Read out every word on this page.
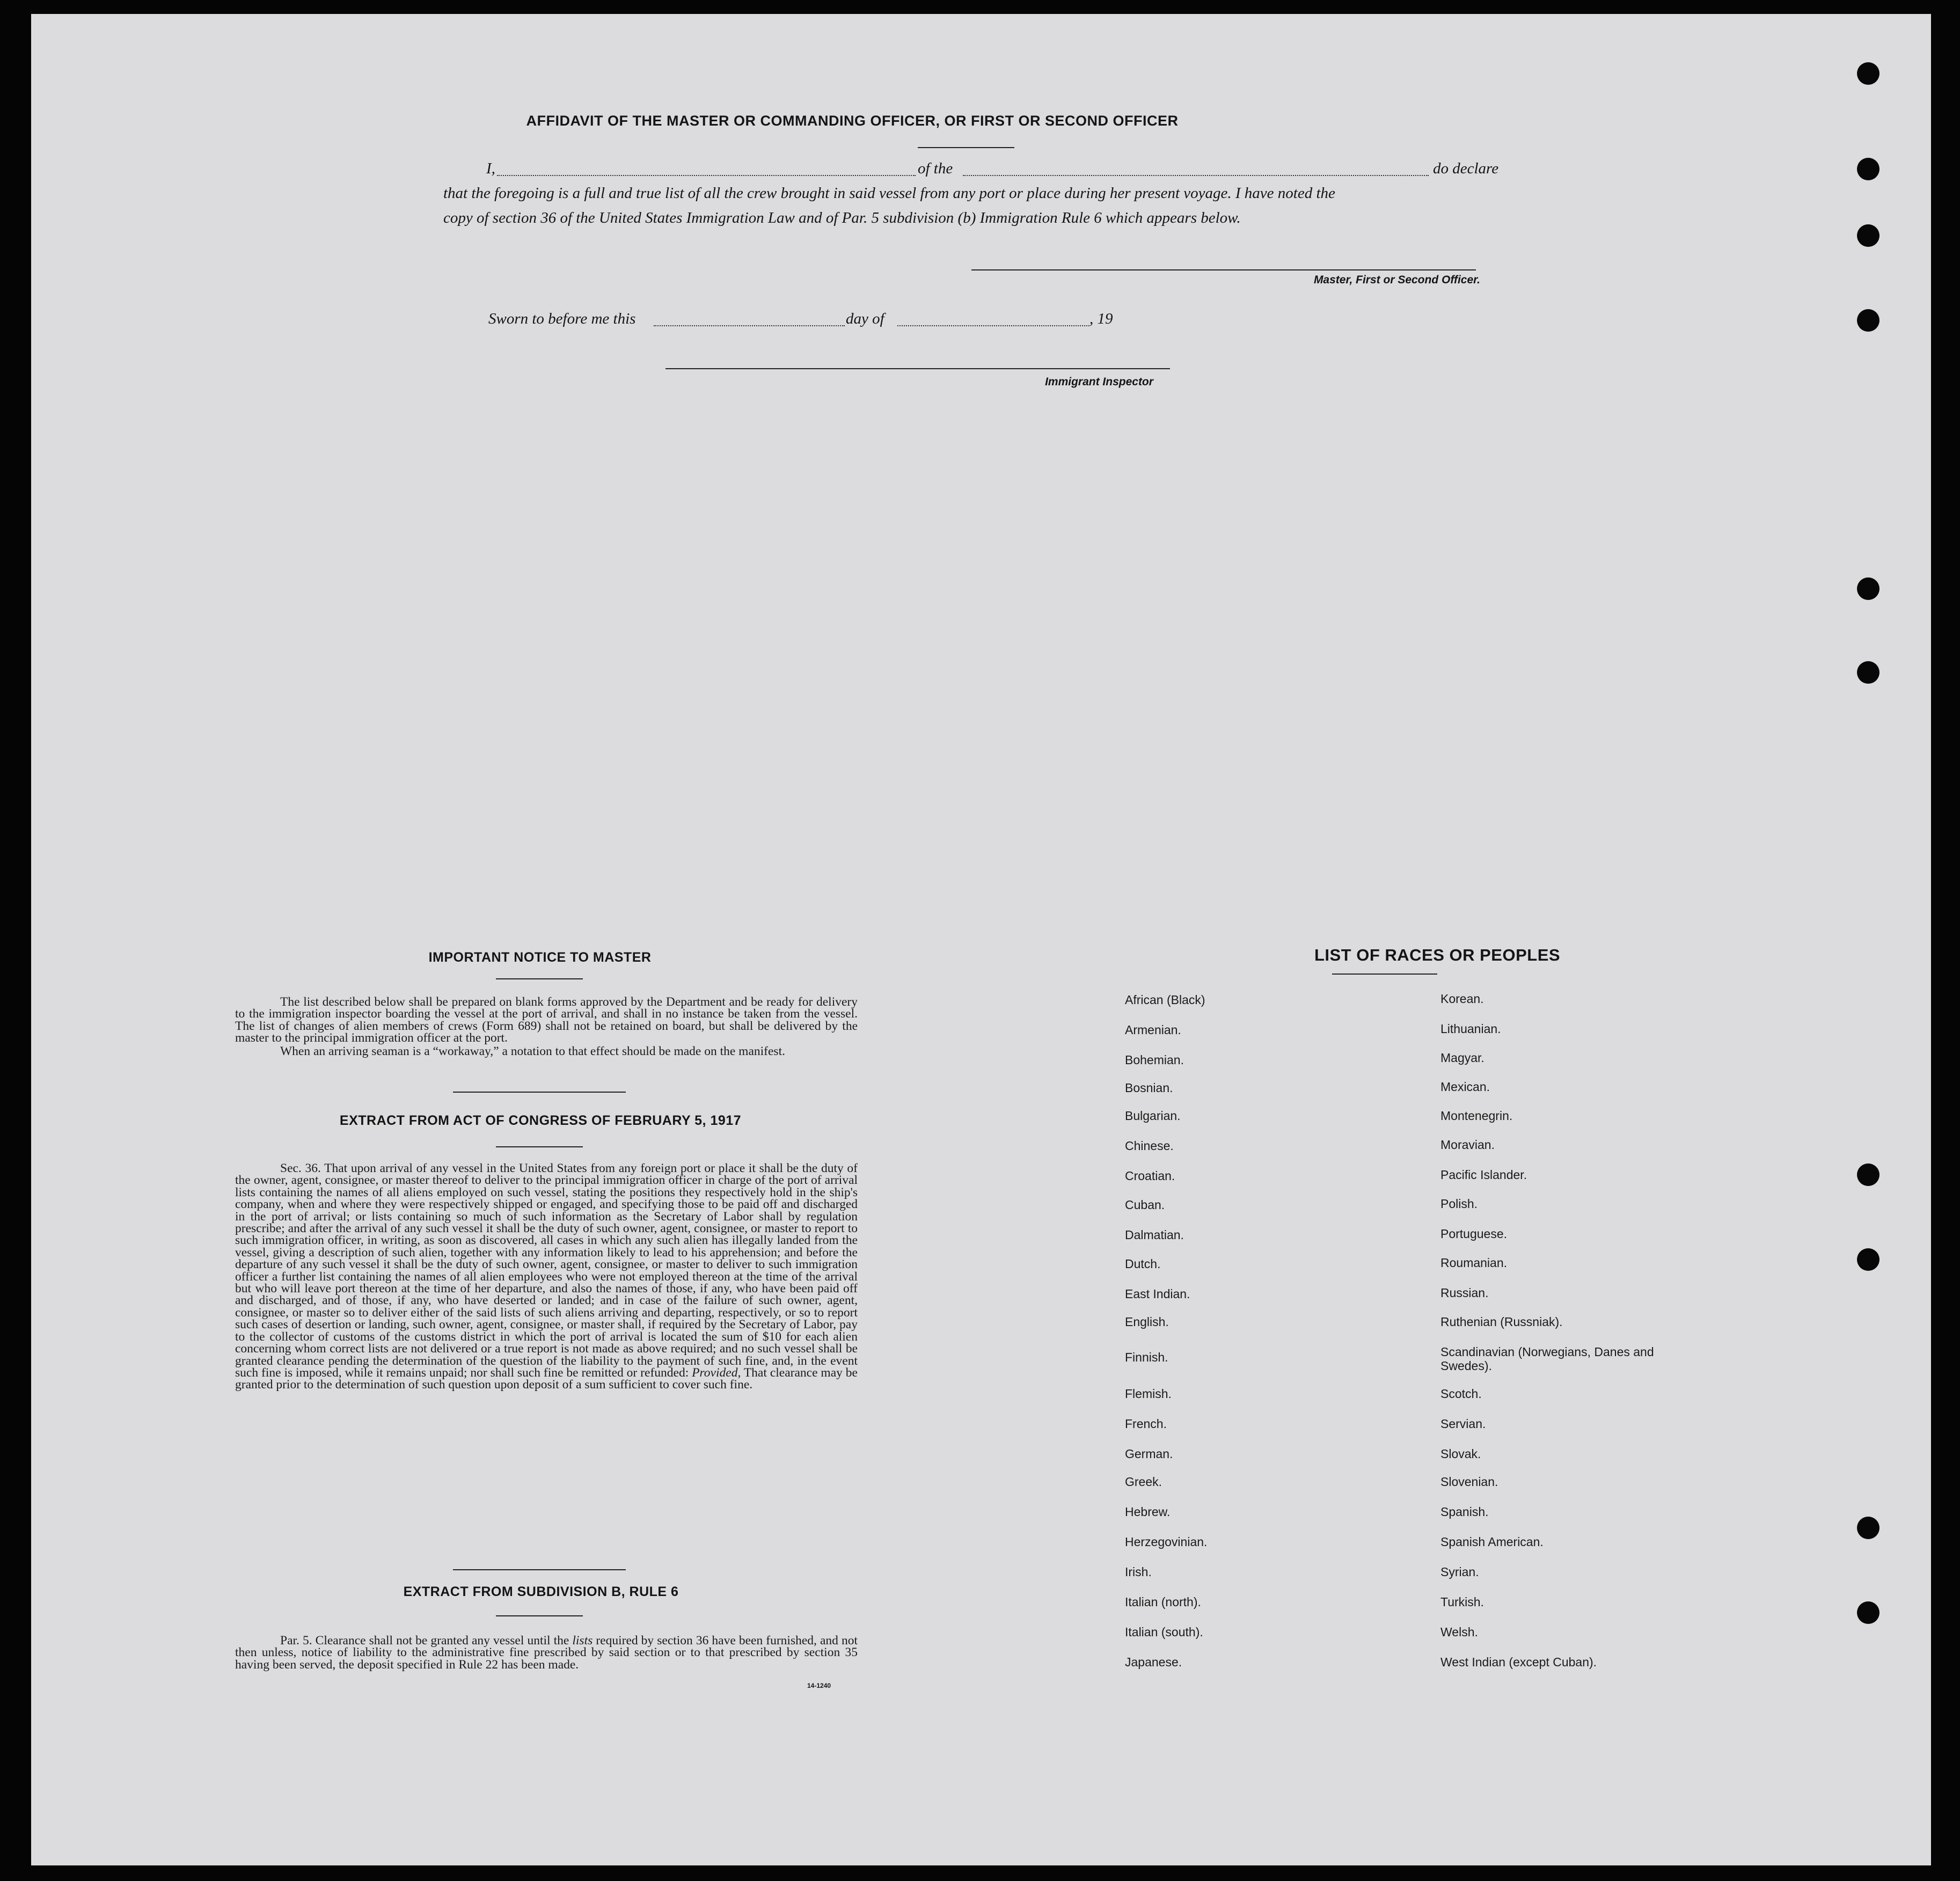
AFFIDAVIT OF THE MASTER OR COMMANDING OFFICER, OR FIRST OR SECOND OFFICER
I,	of the	do declare
that the foregoing is a full and true list of all the crew brought in said vessel from any port or place during her present voyage. I have noted the
copy of section 36 of the United States Immigration Law and of Par. 5 subdivision (b) Immigration Rule 6 which appears below.
Master, First or Second Officer.
Sworn to before me this	day of	, 19
Immigrant Inspector
IMPORTANT NOTICE TO MASTER
The list described below shall be prepared on blank forms approved by the Department and be ready for delivery to the immigration inspector boarding the vessel at the port of arrival, and shall in no instance be taken from the vessel. The list of changes of alien members of crews (Form 689) shall not be retained on board, but shall be delivered by the master to the principal immigration officer at the port.
When an arriving seaman is a “workaway,” a notation to that effect should be made on the manifest.
EXTRACT FROM ACT OF CONGRESS OF FEBRUARY 5, 1917
Sec. 36. That upon arrival of any vessel in the United States from any foreign port or place it shall be the duty of the owner, agent, consignee, or master thereof to deliver to the principal immigration officer in charge of the port of arrival lists containing the names of all aliens employed on such vessel, stating the positions they respectively hold in the ship's company, when and where they were respectively shipped or engaged, and specifying those to be paid off and discharged in the port of arrival; or lists containing so much of such information as the Secretary of Labor shall by regulation prescribe; and after the arrival of any such vessel it shall be the duty of such owner, agent, consignee, or master to report to such immigration officer, in writing, as soon as discovered, all cases in which any such alien has illegally landed from the vessel, giving a description of such alien, together with any information likely to lead to his apprehension; and before the departure of any such vessel it shall be the duty of such owner, agent, consignee, or master to deliver to such immigration officer a further list containing the names of all alien employees who were not employed thereon at the time of the arrival but who will leave port thereon at the time of her departure, and also the names of those, if any, who have been paid off and discharged, and of those, if any, who have deserted or landed; and in case of the failure of such owner, agent, consignee, or master so to deliver either of the said lists of such aliens arriving and departing, respectively, or so to report such cases of desertion or landing, such owner, agent, consignee, or master shall, if required by the Secretary of Labor, pay to the collector of customs of the customs district in which the port of arrival is located the sum of $10 for each alien concerning whom correct lists are not delivered or a true report is not made as above required; and no such vessel shall be granted clearance pending the determination of the question of the liability to the payment of such fine, and, in the event such fine is imposed, while it remains unpaid; nor shall such fine be remitted or refunded: Provided, That clearance may be granted prior to the determination of such question upon deposit of a sum sufficient to cover such fine.
EXTRACT FROM SUBDIVISION B, RULE 6
Par. 5. Clearance shall not be granted any vessel until the lists required by section 36 have been furnished, and not then unless, notice of liability to the administrative fine prescribed by said section or to that prescribed by section 35 having been served, the deposit specified in Rule 22 has been made.
14-1240
LIST OF RACES OR PEOPLES
African (Black)
Armenian.
Bohemian.
Bosnian.
Bulgarian.
Chinese.
Croatian.
Cuban.
Dalmatian.
Dutch.
East Indian.
English.
Finnish.
Flemish.
French.
German.
Greek.
Hebrew.
Herzegovinian.
Irish.
Italian (north).
Italian (south).
Japanese.
Korean.
Lithuanian.
Magyar.
Mexican.
Montenegrin.
Moravian.
Pacific Islander.
Polish.
Portuguese.
Roumanian.
Russian.
Ruthenian (Russniak).
Scandinavian (Norwegians, Danes and Swedes).
Scotch.
Servian.
Slovak.
Slovenian.
Spanish.
Spanish American.
Syrian.
Turkish.
Welsh.
West Indian (except Cuban).
